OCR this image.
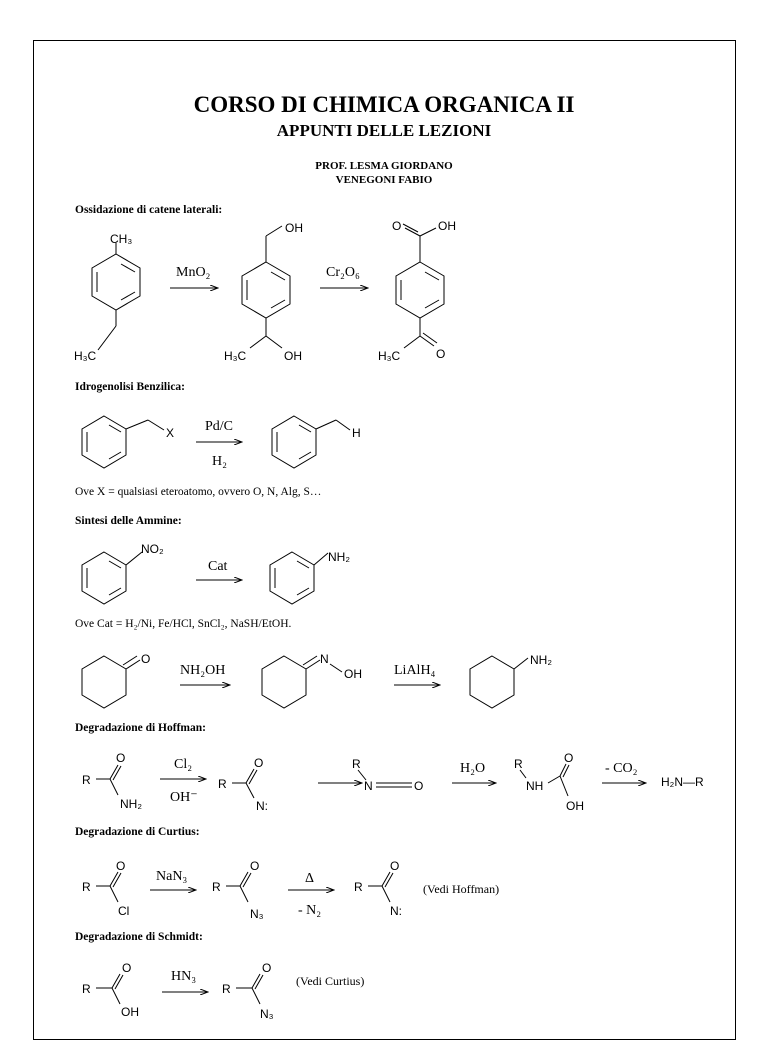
CORSO DI CHIMICA ORGANICA II
APPUNTI DELLE LEZIONI
PROF. LESMA GIORDANO
VENEGONI FABIO
Ossidazione di catene laterali:
Idrogenolisi Benzilica:
Ove X = qualsiasi eteroatomo, ovvero O, N, Alg, S…
Sintesi delle Ammine:
Ove Cat = H₂/Ni, Fe/HCl, SnCl₂, NaSH/EtOH.
Degradazione di Hoffman:
Degradazione di Curtius:
Degradazione di Schmidt:
CH₃
H₃C
MnO₂
OH
H₃C	OH
Cr₂O₆
O	OH
H₃C	O
X Pd/C
H₂
H
NO₂
Cat
NH₂
O
NH₂OH
N
OH LiAlH₄
NH₂
R
O
NH₂
Cl₂
OH⁻
R
O
N:
R
N	O
H₂O R
NH
O
OH
- CO₂
H₂N—R
R
O
Cl
NaN₃
R
O
N₃
Δ
- N₂
R
O
N:
(Vedi Hoffman)
R
O
OH
HN₃
R
O
N₃
(Vedi Curtius)
